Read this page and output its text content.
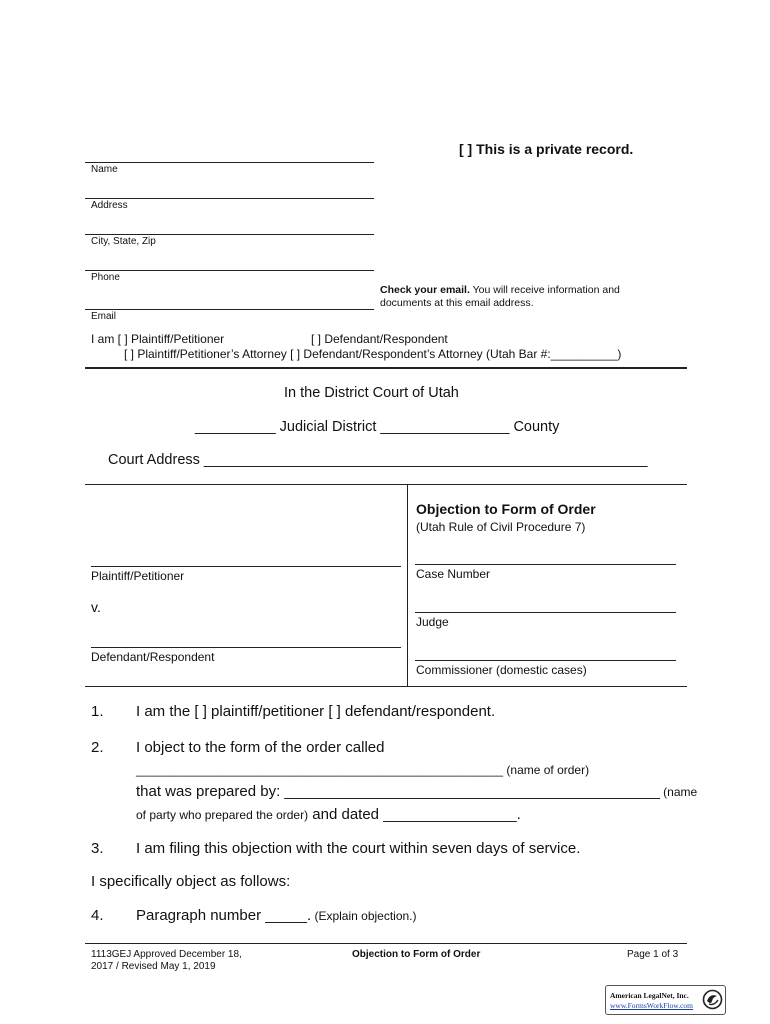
[ ] This is a private record.
Name
Address
City, State, Zip
Phone
Email
Check your email. You will receive information and
documents at this email address.
I am [ ] Plaintiff/Petitioner	[ ] Defendant/Respondent
[ ] Plaintiff/Petitioner’s Attorney [ ] Defendant/Respondent’s Attorney (Utah Bar #:__________)
In the District Court of Utah
__________ Judicial District ________________ County
Court Address _______________________________________________________
Objection to Form of Order
(Utah Rule of Civil Procedure 7)
Plaintiff/Petitioner
v.
Defendant/Respondent
Case Number
Judge
Commissioner (domestic cases)
1. I am the [ ] plaintiff/petitioner [ ] defendant/respondent.
2. I object to the form of the order called
_______________________________________________________ (name of order)
that was prepared by: _____________________________________________ (name
of party who prepared the order) and dated ________________.
3. I am filing this objection with the court within seven days of service.
I specifically object as follows:
4. Paragraph number _____. (Explain objection.)
1113GEJ Approved December 18,
2017 / Revised May 1, 2019
Objection to Form of Order	Page 1 of 3
American LegalNet, Inc.
www.FormsWorkFlow.com
